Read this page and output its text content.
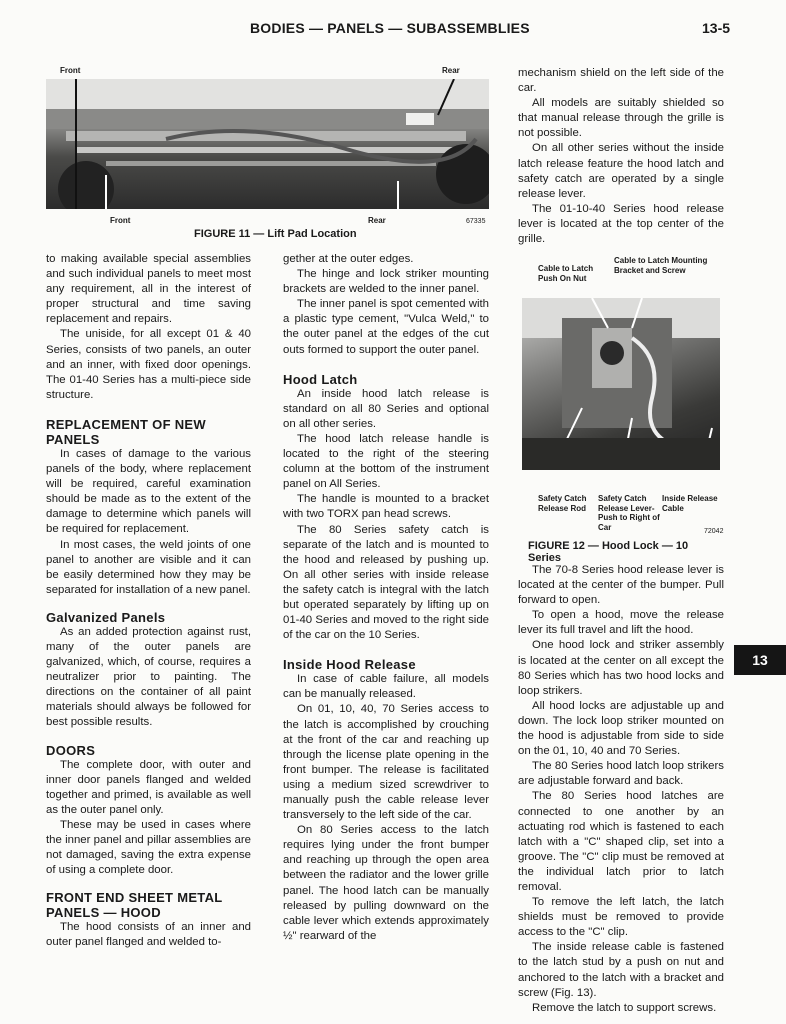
BODIES — PANELS — SUBASSEMBLIES	13-5
Front	Rear
Front	Rear	67335
FIGURE 11 — Lift Pad Location

to making available special assemblies and such individual panels to meet most any requirement, all in the interest of proper structural and time saving replacement and repairs.

The uniside, for all except 01 & 40 Series, consists of two panels, an outer and an inner, with fixed door openings. The 01-40 Series has a multi-piece side structure.

REPLACEMENT OF NEW PANELS

In cases of damage to the various panels of the body, where replacement will be required, careful examination should be made as to the extent of the damage to determine which panels will be required for replacement.

In most cases, the weld joints of one panel to another are visible and it can be easily determined how they may be separated for installation of a new panel.

Galvanized Panels

As an added protection against rust, many of the outer panels are galvanized, which, of course, requires a neutralizer prior to painting. The directions on the container of all paint materials should always be followed for best possible results.

DOORS

The complete door, with outer and inner door panels flanged and welded together and primed, is available as well as the outer panel only.

These may be used in cases where the inner panel and pillar assemblies are not damaged, saving the extra expense of using a complete door.

FRONT END SHEET METAL PANELS — HOOD

The hood consists of an inner and outer panel flanged and welded to-

gether at the outer edges.

The hinge and lock striker mounting brackets are welded to the inner panel.

The inner panel is spot cemented with a plastic type cement, "Vulca Weld," to the outer panel at the edges of the cut outs formed to support the outer panel.

Hood Latch

An inside hood latch release is standard on all 80 Series and optional on all other series.

The hood latch release handle is located to the right of the steering column at the bottom of the instrument panel on All Series.

The handle is mounted to a bracket with two TORX pan head screws.

The 80 Series safety catch is separate of the latch and is mounted to the hood and released by pushing up. On all other series with inside release the safety catch is integral with the latch but operated separately by lifting up on 01-40 Series and moved to the right side of the car on the 10 Series.

Inside Hood Release

In case of cable failure, all models can be manually released.

On 01, 10, 40, 70 Series access to the latch is accomplished by crouching at the front of the car and reaching up through the license plate opening in the front bumper. The release is facilitated using a medium sized screwdriver to manually push the cable release lever transversely to the left side of the car.

On 80 Series access to the latch requires lying under the front bumper and reaching up through the open area between the radiator and the lower grille panel. The hood latch can be manually released by pulling downward on the cable lever which extends approximately ½" rearward of the

mechanism shield on the left side of the car.

All models are suitably shielded so that manual release through the grille is not possible.

On all other series without the inside latch release feature the hood latch and safety catch are operated by a single release lever.

The 01-10-40 Series hood release lever is located at the top center of the grille.

Cable to Latch Push On Nut
Cable to Latch Mounting Bracket and Screw
Safety Catch Release Rod
Safety Catch Release Lever-Push to Right of Car
Inside Release Cable
72042
FIGURE 12 — Hood Lock — 10 Series

The 70-8 Series hood release lever is located at the center of the bumper. Pull forward to open.

To open a hood, move the release lever its full travel and lift the hood.

One hood lock and striker assembly is located at the center on all except the 80 Series which has two hood locks and loop strikers.

All hood locks are adjustable up and down. The lock loop striker mounted on the hood is adjustable from side to side on the 01, 10, 40 and 70 Series.

The 80 Series hood latch loop strikers are adjustable forward and back.

The 80 Series hood latches are connected to one another by an actuating rod which is fastened to each latch with a "C" shaped clip, set into a groove. The "C" clip must be removed at the individual latch prior to latch removal.

To remove the left latch, the latch shields must be removed to provide access to the "C" clip.

The inside release cable is fastened to the latch stud by a push on nut and anchored to the latch with a bracket and screw (Fig. 13).

Remove the latch to support screws.

13
